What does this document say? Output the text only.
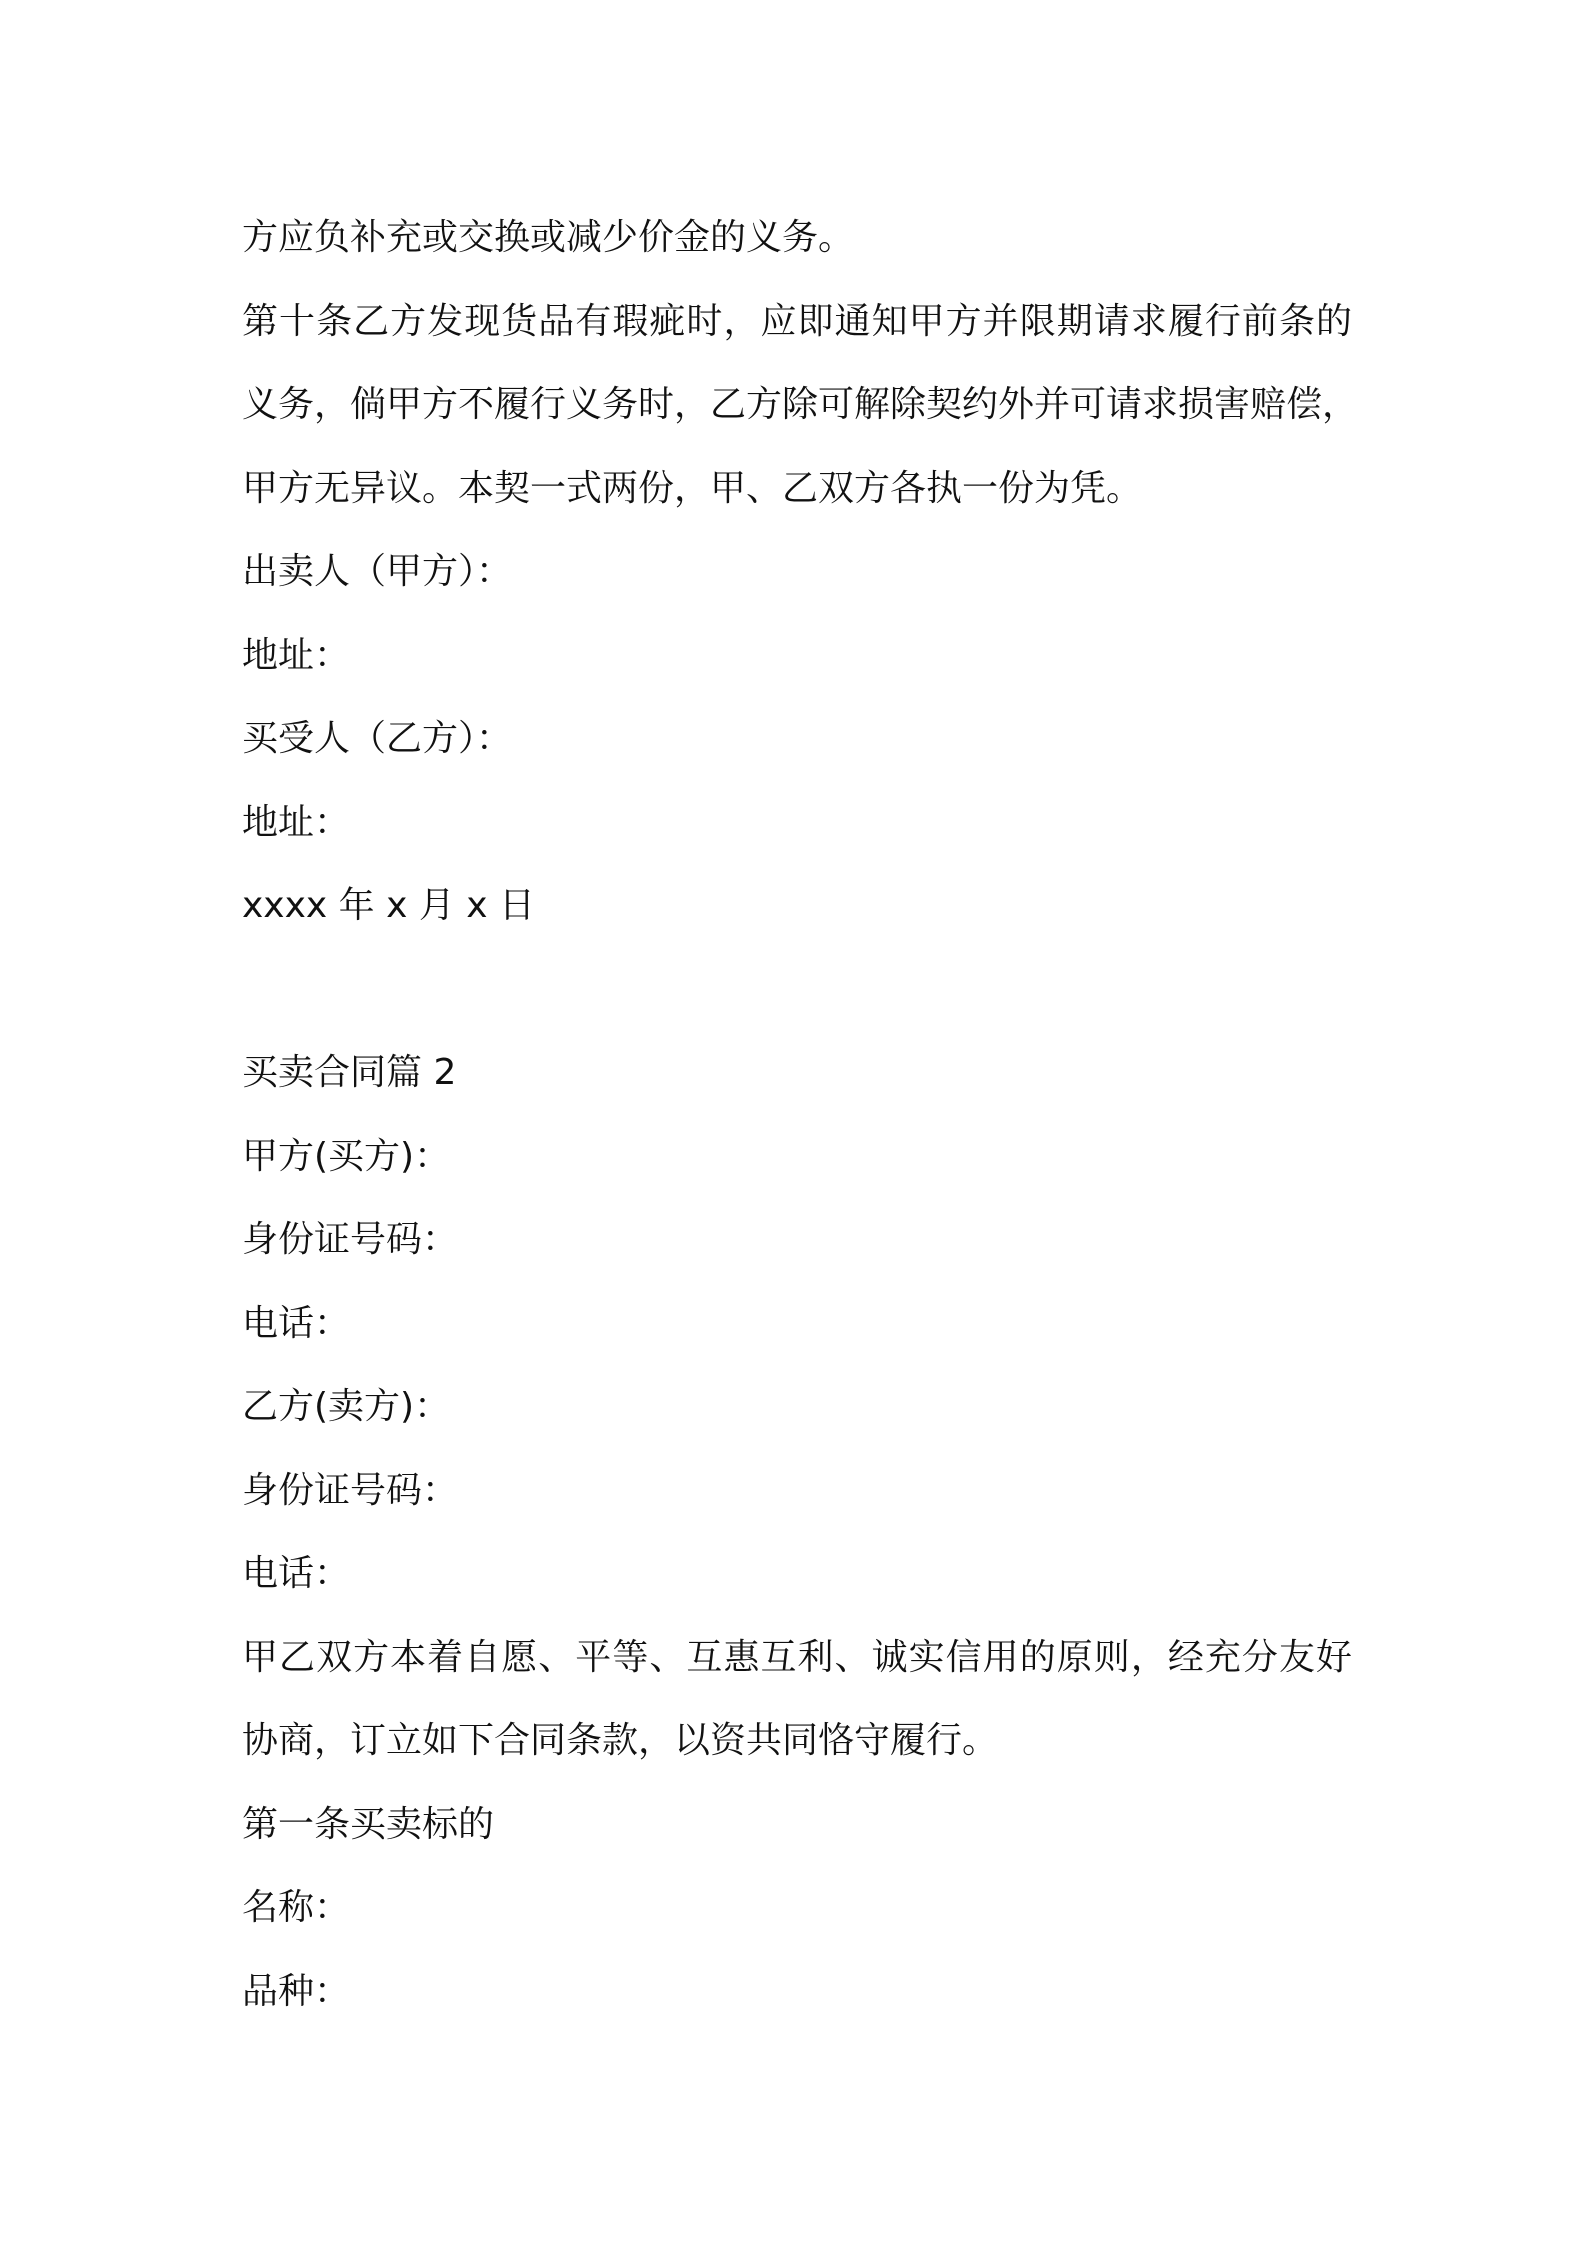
方应负补充或交换或减少价金的义务。
第十条乙方发现货品有瑕疵时，应即通知甲方并限期请求履行前条的
义务，倘甲方不履行义务时，乙方除可解除契约外并可请求损害赔偿，
甲方无异议。本契一式两份，甲、乙双方各执一份为凭。
出卖人（甲方）：
地址：
买受人（乙方）：
地址：
xxxx 年 x 月 x 日
买卖合同篇 2
甲方(买方)：
身份证号码：
电话：
乙方(卖方)：
身份证号码：
电话：
甲乙双方本着自愿、平等、互惠互利、诚实信用的原则，经充分友好
协商，订立如下合同条款，以资共同恪守履行。
第一条买卖标的
名称：
品种：
